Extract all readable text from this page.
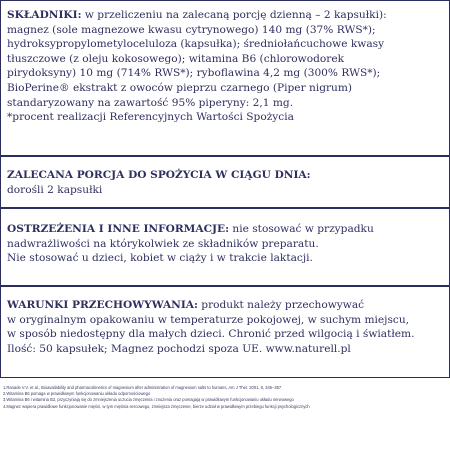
SKŁADNIKI: w przeliczeniu na zalecaną porcję dzienną – 2 kapsułki):
magnez (sole magnezowe kwasu cytrynowego) 140 mg (37% RWS*);
hydroksypropylometyloceluloza (kapsułka); średniołańcuchowe kwasy
tłuszczowe (z oleju kokosowego); witamina B6 (chlorowodorek
pirydoksyny) 10 mg (714% RWS*); ryboflawina 4,2 mg (300% RWS*);
BioPerine® ekstrakt z owoców pieprzu czarnego (Piper nigrum)
standaryzowany na zawartość 95% piperyny: 2,1 mg.
*procent realizacji Referencyjnych Wartości Spożycia
ZALECANA PORCJA DO SPOŻYCIA W CIĄGU DNIA:
dorośli 2 kapsułki
OSTRZEŻENIA I INNE INFORMACJE: nie stosować w przypadku
nadwrażliwości na którykolwiek ze składników preparatu.
Nie stosować u dzieci, kobiet w ciąży i w trakcie laktacji.
WARUNKI PRZECHOWYWANIA: produkt należy przechowywać
w oryginalnym opakowaniu w temperaturze pokojowej, w suchym miejscu,
w sposób niedostępny dla małych dzieci. Chronić przed wilgocią i światłem.
Ilość: 50 kapsułek; Magnez pochodzi spoza UE. www.naturell.pl
1.Ranade V.V. et al., Bioavailability and pharmacokinetics of magnesium after administration of magnesium salts to humans, Am J Ther. 2001, 8, 345–357
2.Witamina B6 pomaga w prawidłowym funkcjonowaniu układu odpornościowego
3.Witamina B6 i witamina B2, przyczyniają się do zmniejszenia uczucia zmęczenia i znużenia oraz pomagają w prawidłowym funkcjonowaniu układu nerwowego
4.Magnez wspiera prawidłowe funkcjonowanie mięśni, w tym mięśnia sercowego, zmniejsza zmęczenie; bierze udział w prawidłowym przebiegu funkcji psychologicznych
